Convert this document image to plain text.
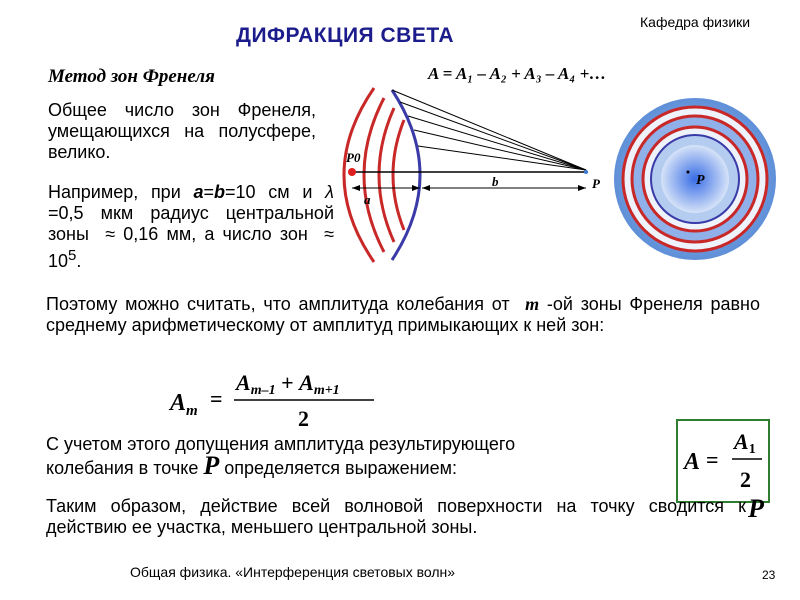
Кафедра физики
ДИФРАКЦИЯ СВЕТА
Метод зон Френеля	A = A₁ – A₂ + A₃ – A₄ +…
Общее число зон Френеля, умещающихся на полусфере, велико.
Например, при a=b=10 см и λ =0,5 мкм радиус центральной зоны  ≈ 0,16 мм, а число зон  ≈ $10^5$.
P0
P
a
b	P
Поэтому можно считать, что амплитуда колебания от  m -ой зоны Френеля равно среднему арифметическому от амплитуд примыкающих к ней зон:
$A_m$ =
Am–1 + Am+1
2
С учетом этого допущения амплитуда результирующего
колебания в точке P определяется выражением:	A =
A1
2
Таким образом, действие всей волновой поверхности на точку сводится к действию ее участка, меньшего центральной зоны.
P
Общая физика. «Интерференция световых волн»	23
